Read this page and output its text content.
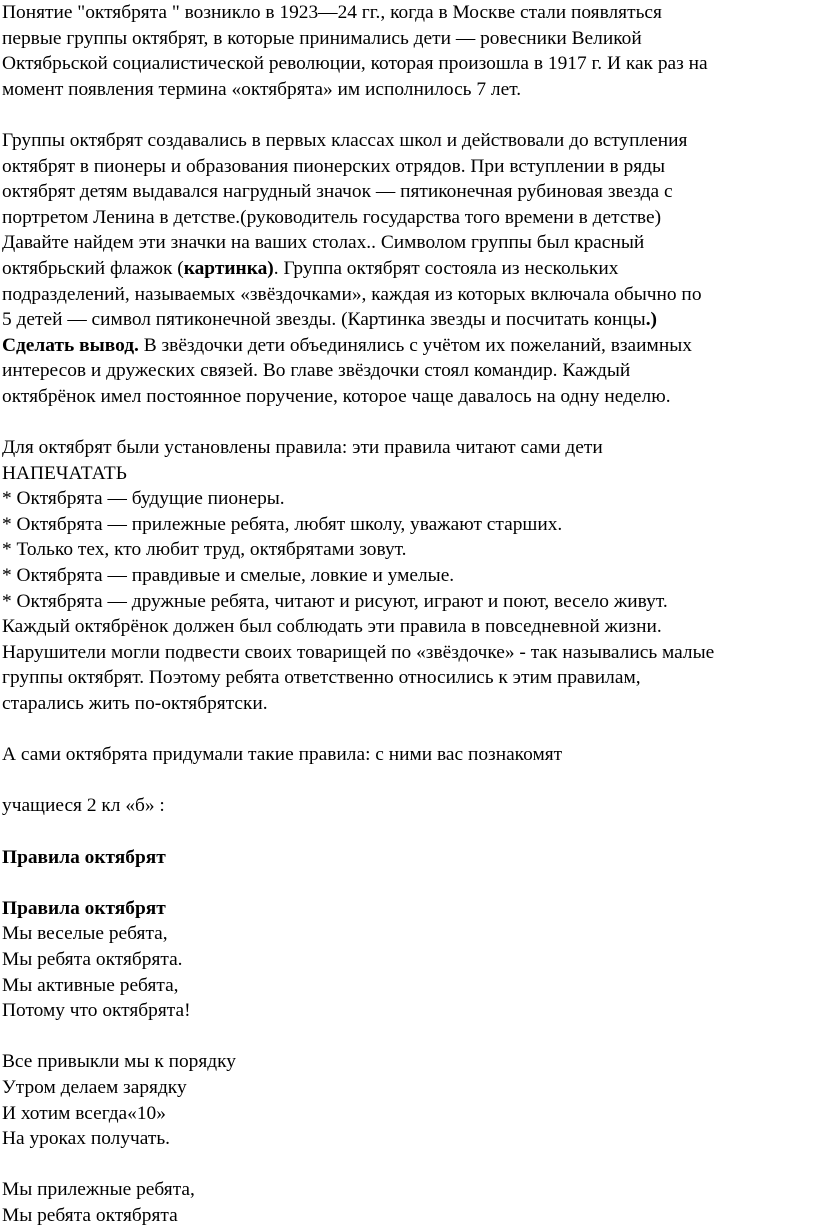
Понятие "октябрята " возникло в 1923—24 гг., когда в Москве стали появляться
первые группы октябрят, в которые принимались дети — ровесники Великой
Октябрьской социалистической революции, которая произошла в 1917 г. И как раз на
момент появления термина «октябрята» им исполнилось 7 лет.
Группы октябрят создавались в первых классах школ и действовали до вступления
октябрят в пионеры и образования пионерских отрядов. При вступлении в ряды
октябрят детям выдавался нагрудный значок — пятиконечная рубиновая звезда с
портретом Ленина в детстве.(руководитель государства того времени в детстве)
Давайте найдем эти значки на ваших столах.. Символом группы был красный
октябрьский флажок (картинка). Группа октябрят состояла из нескольких
подразделений, называемых «звёздочками», каждая из которых включала обычно по
5 детей — символ пятиконечной звезды. (Картинка звезды и посчитать концы.)
Сделать вывод. В звёздочки дети объединялись с учётом их пожеланий, взаимных
интересов и дружеских связей. Во главе звёздочки стоял командир. Каждый
октябрёнок имел постоянное поручение, которое чаще давалось на одну неделю.
Для октябрят были установлены правила: эти правила читают сами дети
НАПЕЧАТАТЬ
* Октябрята — будущие пионеры.
* Октябрята — прилежные ребята, любят школу, уважают старших.
* Только тех, кто любит труд, октябрятами зовут.
* Октябрята — правдивые и смелые, ловкие и умелые.
* Октябрята — дружные ребята, читают и рисуют, играют и поют, весело живут.
Каждый октябрёнок должен был соблюдать эти правила в повседневной жизни.
Нарушители могли подвести своих товарищей по «звёздочке» - так назывались малые
группы октябрят. Поэтому ребята ответственно относились к этим правилам,
старались жить по-октябрятски.
А сами октябрята придумали такие правила: с ними вас познакомят
учащиеся 2 кл «б» :
Правила октябрят
Правила октябрят
Мы веселые ребята,
Мы ребята октябрята.
Мы активные ребята,
Потому что октябрята!
Все привыкли мы к порядку
Утром делаем зарядку
И хотим всегда«10»
На уроках получать.
Мы прилежные ребята,
Мы ребята октябрята
